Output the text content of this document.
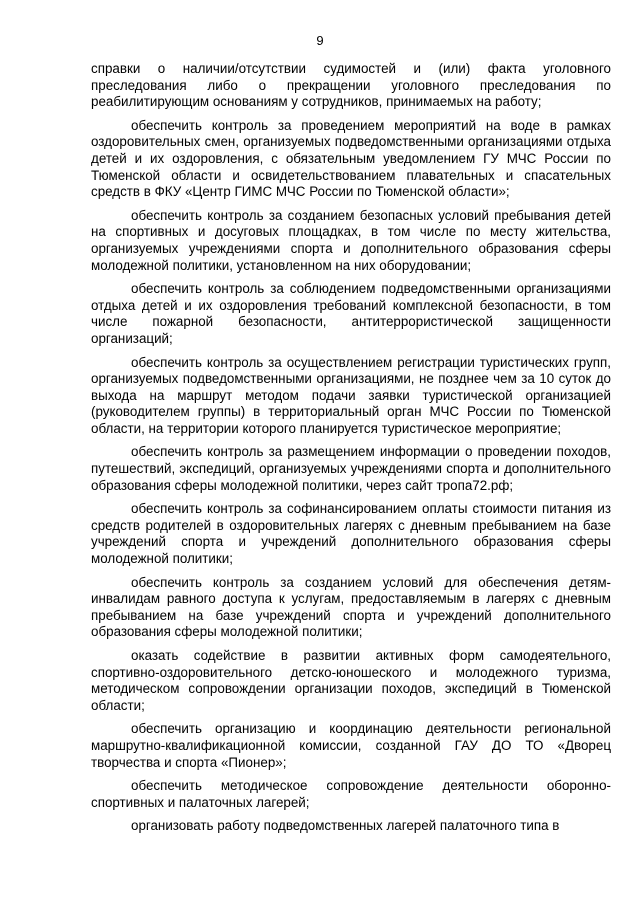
9

справки о наличии/отсутствии судимостей и (или) факта уголовного преследования либо о прекращении уголовного преследования по реабилитирующим основаниям у сотрудников, принимаемых на работу;

обеспечить контроль за проведением мероприятий на воде в рамках оздоровительных смен, организуемых подведомственными организациями отдыха детей и их оздоровления, с обязательным уведомлением ГУ МЧС России по Тюменской области и освидетельствованием плавательных и спасательных средств в ФКУ «Центр ГИМС МЧС России по Тюменской области»;

обеспечить контроль за созданием безопасных условий пребывания детей на спортивных и досуговых площадках, в том числе по месту жительства, организуемых учреждениями спорта и дополнительного образования сферы молодежной политики, установленном на них оборудовании;

обеспечить контроль за соблюдением подведомственными организациями отдыха детей и их оздоровления требований комплексной безопасности, в том числе пожарной безопасности, антитеррористической защищенности организаций;

обеспечить контроль за осуществлением регистрации туристических групп, организуемых подведомственными организациями, не позднее чем за 10 суток до выхода на маршрут методом подачи заявки туристической организацией (руководителем группы) в территориальный орган МЧС России по Тюменской области, на территории которого планируется туристическое мероприятие;

обеспечить контроль за размещением информации о проведении походов, путешествий, экспедиций, организуемых учреждениями спорта и дополнительного образования сферы молодежной политики, через сайт тропа72.рф;

обеспечить контроль за софинансированием оплаты стоимости питания из средств родителей в оздоровительных лагерях с дневным пребыванием на базе учреждений спорта и учреждений дополнительного образования сферы молодежной политики;

обеспечить контроль за созданием условий для обеспечения детям-инвалидам равного доступа к услугам, предоставляемым в лагерях с дневным пребыванием на базе учреждений спорта и учреждений дополнительного образования сферы молодежной политики;

оказать содействие в развитии активных форм самодеятельного, спортивно-оздоровительного детско-юношеского и молодежного туризма, методическом сопровождении организации походов, экспедиций в Тюменской области;

обеспечить организацию и координацию деятельности региональной маршрутно-квалификационной комиссии, созданной ГАУ ДО ТО «Дворец творчества и спорта «Пионер»;

обеспечить методическое сопровождение деятельности оборонно-спортивных и палаточных лагерей;

организовать работу подведомственных лагерей палаточного типа в
